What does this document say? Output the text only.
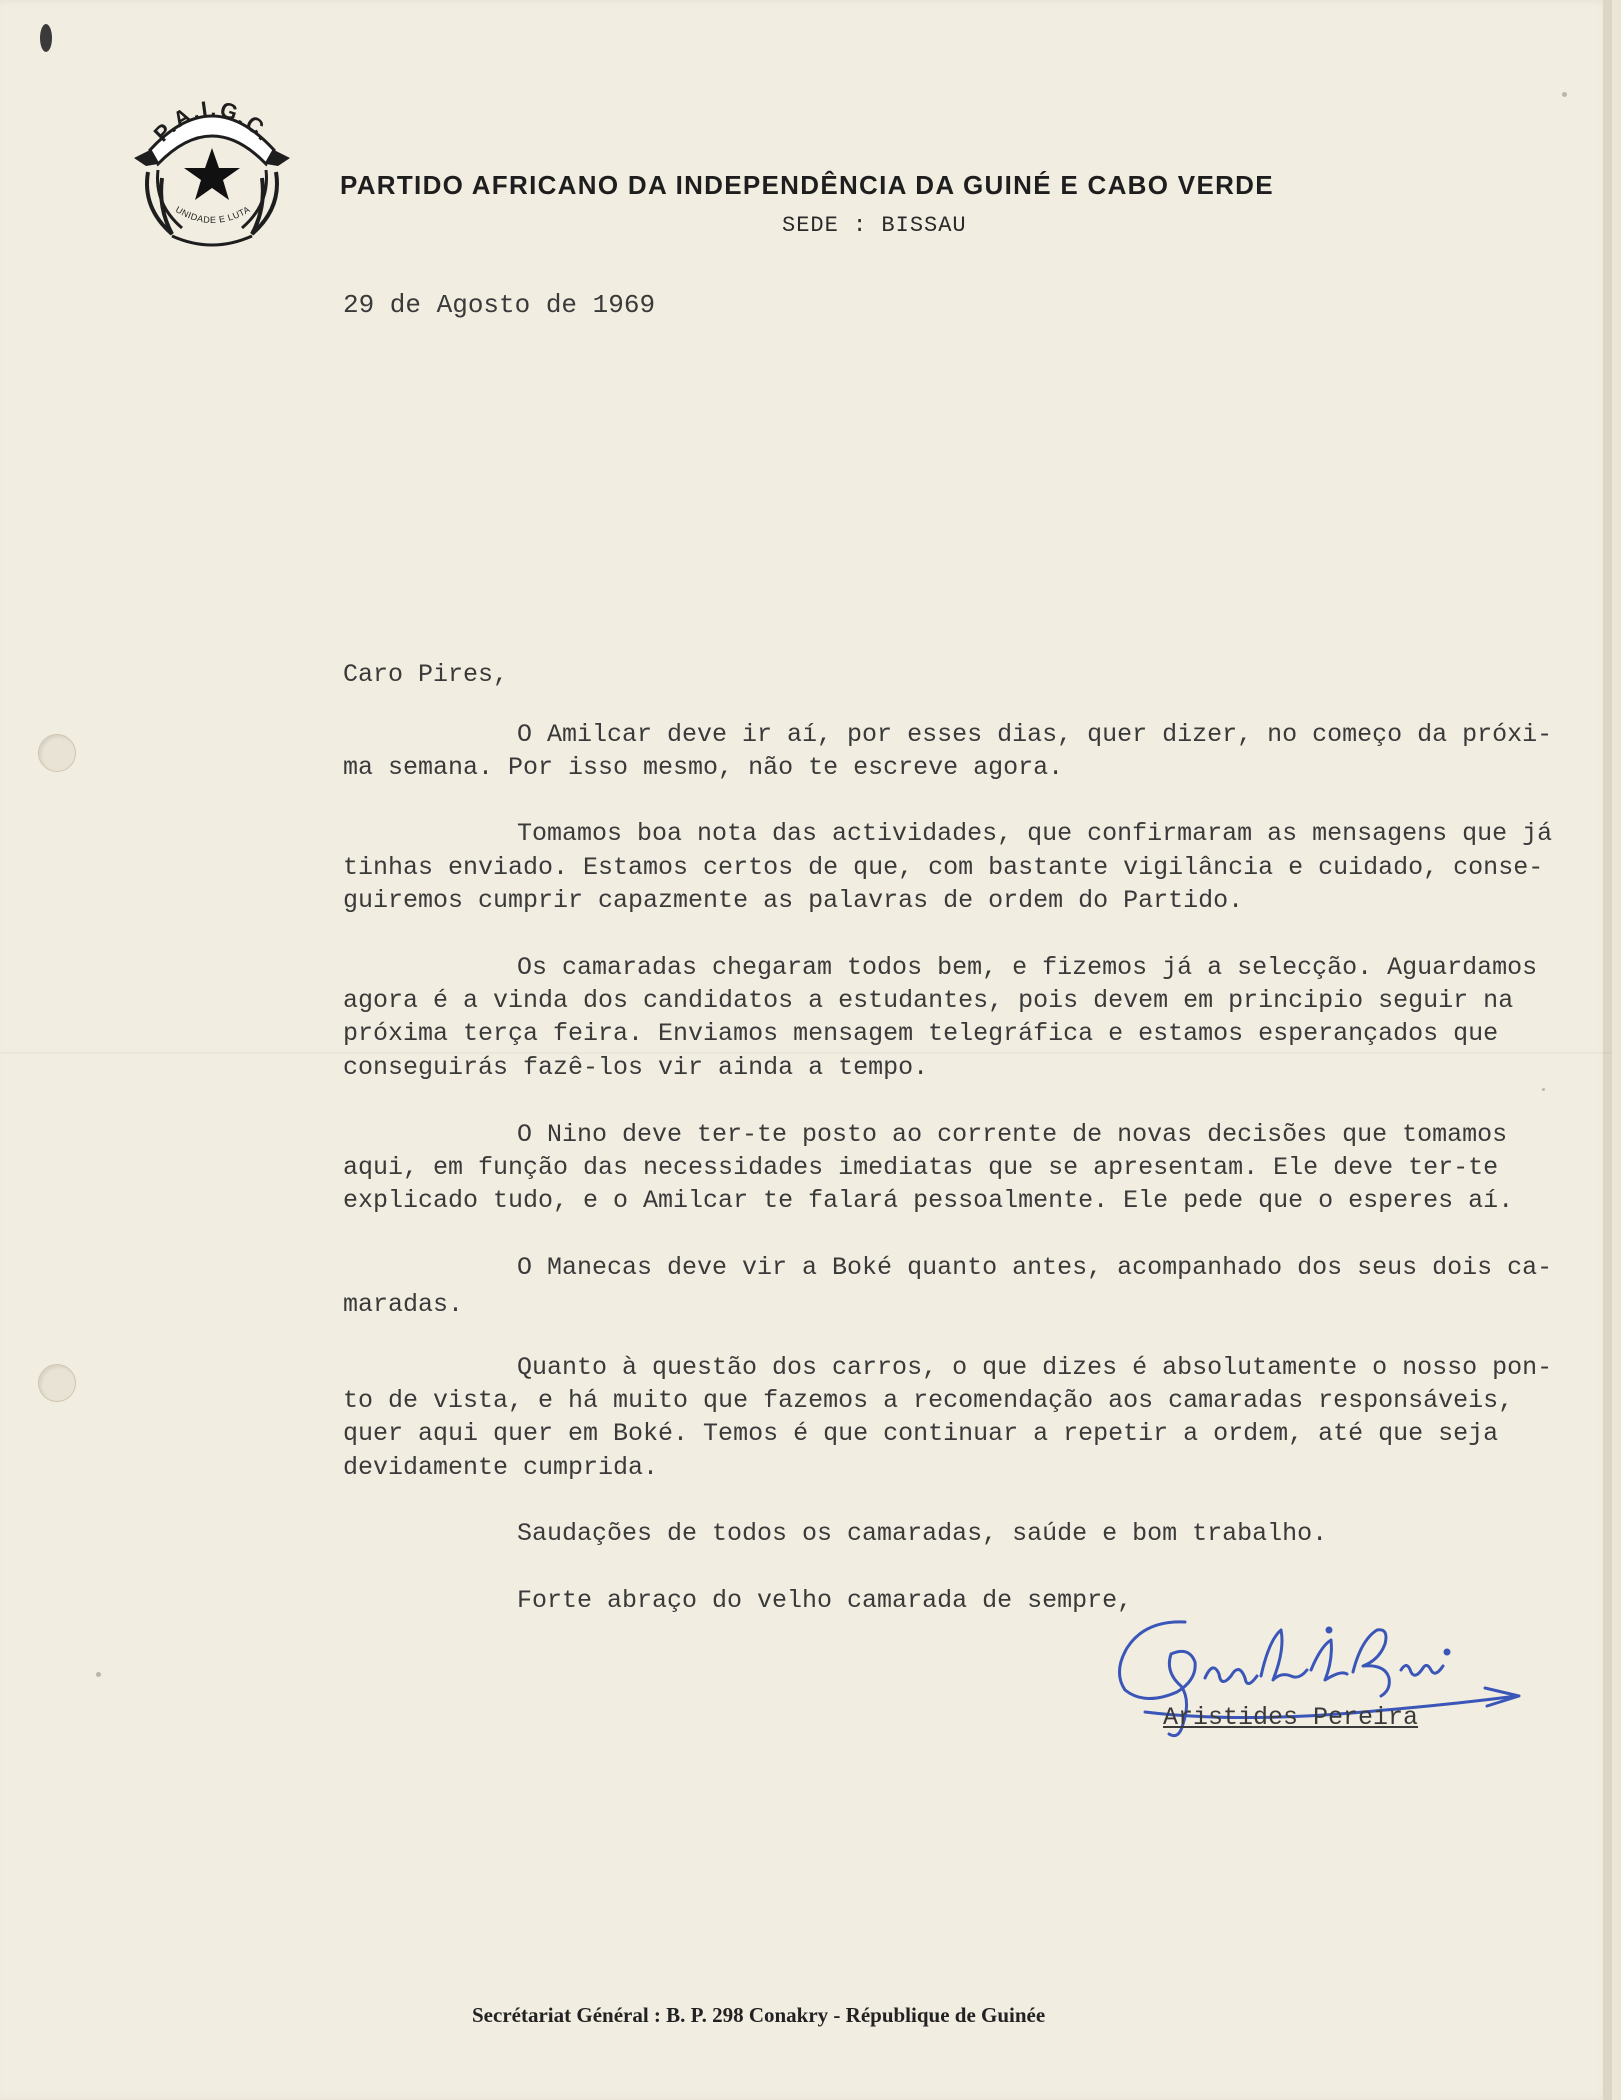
P.A.I.G.C.
UNIDADE E LUTA
PARTIDO AFRICANO DA INDEPENDÊNCIA DA GUINÉ E CABO VERDE
SEDE : BISSAU
29 de Agosto de 1969
Caro Pires,
O Amilcar deve ir aí, por esses dias, quer dizer, no começo da próxi-
ma semana. Por isso mesmo, não te escreve agora.
Tomamos boa nota das actividades, que confirmaram as mensagens que já
tinhas enviado. Estamos certos de que, com bastante vigilância e cuidado, conse-
guiremos cumprir capazmente as palavras de ordem do Partido.
Os camaradas chegaram todos bem, e fizemos já a selecção. Aguardamos
agora é a vinda dos candidatos a estudantes, pois devem em principio seguir na
próxima terça feira. Enviamos mensagem telegráfica e estamos esperançados que
conseguirás fazê-los vir ainda a tempo.
O Nino deve ter-te posto ao corrente de novas decisões que tomamos
aqui, em função das necessidades imediatas que se apresentam. Ele deve ter-te
explicado tudo, e o Amilcar te falará pessoalmente. Ele pede que o esperes aí.
O Manecas deve vir a Boké quanto antes, acompanhado dos seus dois ca-
maradas.
Quanto à questão dos carros, o que dizes é absolutamente o nosso pon-
to de vista, e há muito que fazemos a recomendação aos camaradas responsáveis,
quer aqui quer em Boké. Temos é que continuar a repetir a ordem, até que seja
devidamente cumprida.
Saudações de todos os camaradas, saúde e bom trabalho.
Forte abraço do velho camarada de sempre,
Aristides Pereira
Secrétariat Général : B. P. 298 Conakry - République de Guinée
